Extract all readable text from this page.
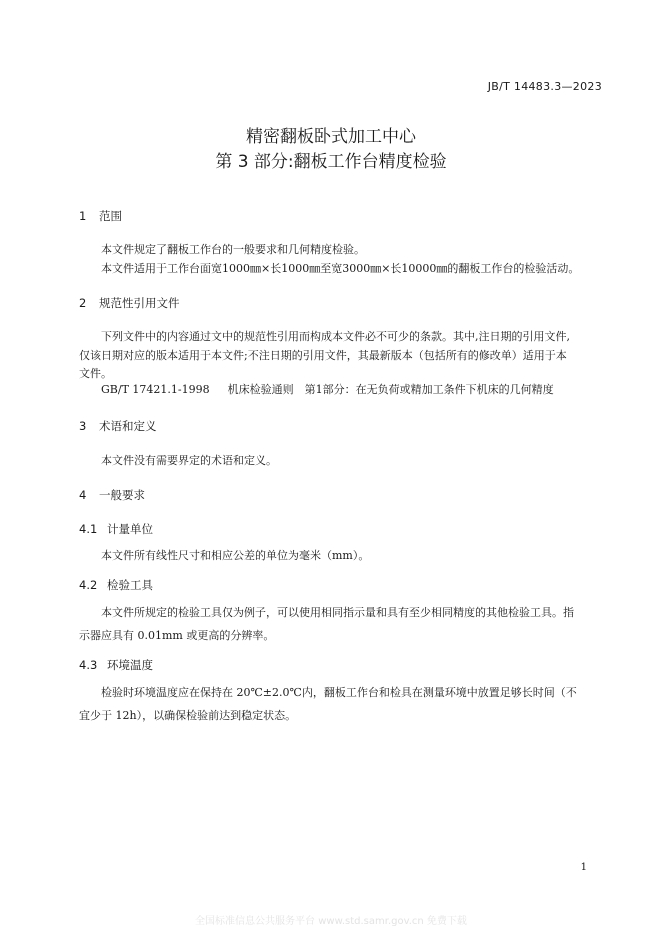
JB/T 14483.3—2023
精密翻板卧式加工中心
第 3 部分:翻板工作台精度检验
1 范围
本文件规定了翻板工作台的一般要求和几何精度检验。
本文件适用于工作台面宽1000㎜×长1000㎜至宽3000㎜×长10000㎜的翻板工作台的检验活动。
2 规范性引用文件
下列文件中的内容通过文中的规范性引用而构成本文件必不可少的条款。其中,注日期的引用文件,
仅该日期对应的版本适用于本文件;不注日期的引用文件，其最新版本（包括所有的修改单）适用于本
文件。
GB/T 17421.1-1998 机床检验通则　第1部分：在无负荷或精加工条件下机床的几何精度
3 术语和定义
本文件没有需要界定的术语和定义。
4 一般要求
4.1 计量单位
本文件所有线性尺寸和相应公差的单位为毫米（mm）。
4.2 检验工具
本文件所规定的检验工具仅为例子，可以使用相同指示量和具有至少相同精度的其他检验工具。指
示器应具有 0.01mm 或更高的分辨率。
4.3 环境温度
检验时环境温度应在保持在 20℃±2.0℃内，翻板工作台和检具在测量环境中放置足够长时间（不
宜少于 12h），以确保检验前达到稳定状态。
1
全国标准信息公共服务平台 www.std.samr.gov.cn 免费下载
